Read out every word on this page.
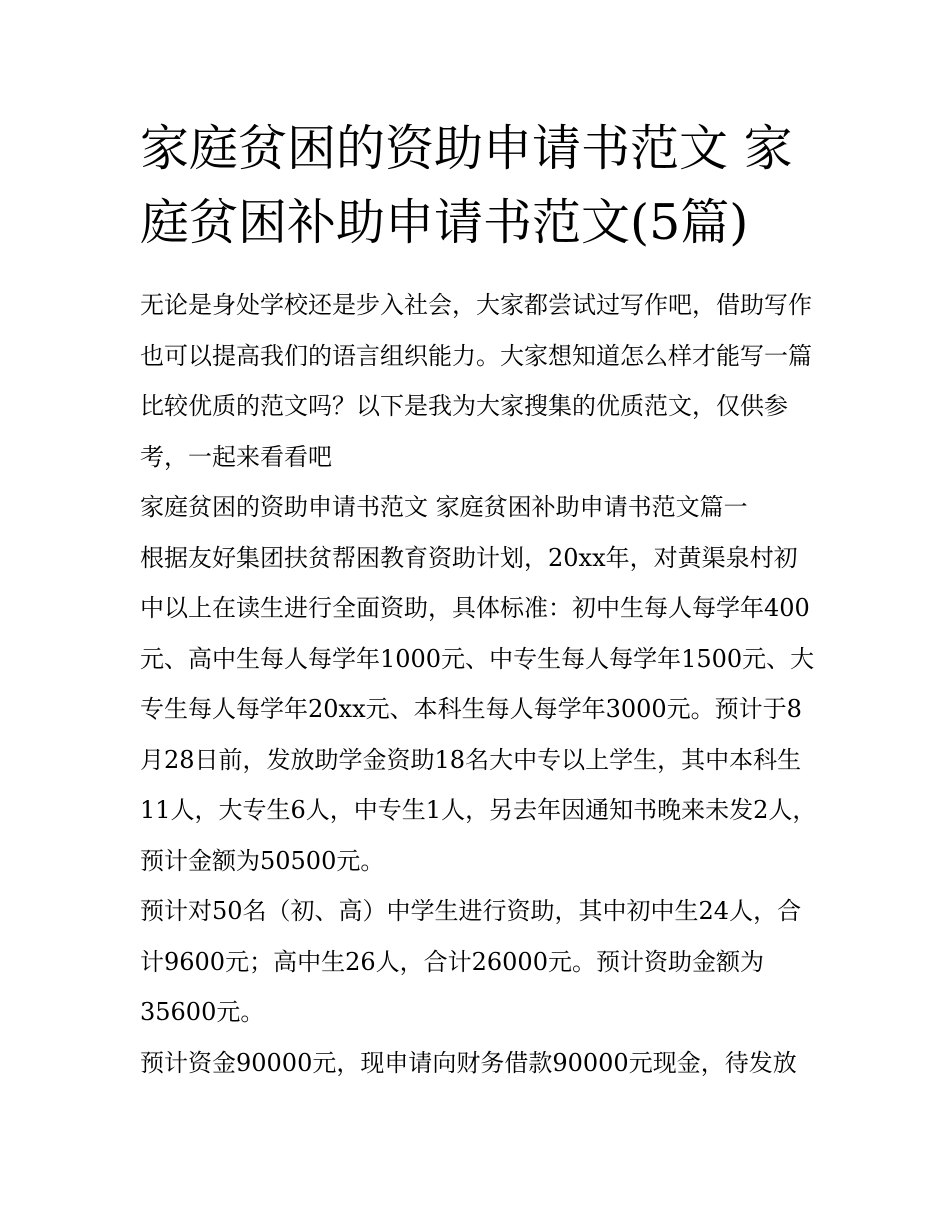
家庭贫困的资助申请书范文 家庭贫困补助申请书范文(5篇)

无论是身处学校还是步入社会，大家都尝试过写作吧，借助写作也可以提高我们的语言组织能力。大家想知道怎么样才能写一篇比较优质的范文吗？以下是我为大家搜集的优质范文，仅供参考，一起来看看吧

家庭贫困的资助申请书范文 家庭贫困补助申请书范文篇一

根据友好集团扶贫帮困教育资助计划，20xx年，对黄渠泉村初中以上在读生进行全面资助，具体标准：初中生每人每学年400元、高中生每人每学年1000元、中专生每人每学年1500元、大专生每人每学年20xx元、本科生每人每学年3000元。预计于8月28日前，发放助学金资助18名大中专以上学生，其中本科生11人，大专生6人，中专生1人，另去年因通知书晚来未发2人，预计金额为50500元。

预计对50名（初、高）中学生进行资助，其中初中生24人，合计9600元；高中生26人，合计26000元。预计资助金额为35600元。

预计资金90000元，现申请向财务借款90000元现金，待发放
